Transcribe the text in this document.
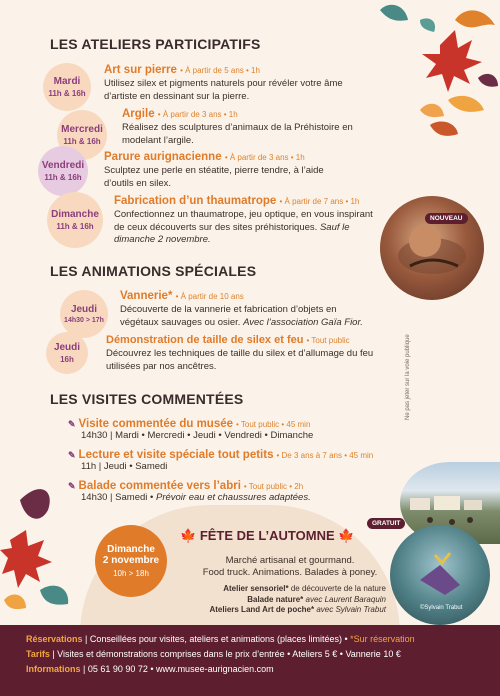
LES ATELIERS PARTICIPATIFS
Mardi
11h & 16h
Art sur pierre • À partir de 5 ans • 1h
Utilisez silex et pigments naturels pour révéler votre âme d’artiste en dessinant sur la pierre.
Mercredi
11h & 16h
Argile • À partir de 3 ans • 1h
Réalisez des sculptures d’animaux de la Préhistoire en modelant l’argile.
Vendredi
11h & 16h
Parure aurignacienne • À partir de 3 ans • 1h
Sculptez une perle en stéatite, pierre tendre, à l’aide d’outils en silex.
Dimanche
11h & 16h
Fabrication d’un thaumatrope • À partir de 7 ans • 1h
Confectionnez un thaumatrope, jeu optique, en vous inspirant de ceux découverts sur des sites préhistoriques. Sauf le dimanche 2 novembre.
NOUVEAU
LES ANIMATIONS SPÉCIALES
Jeudi
14h30 > 17h
Vannerie* • À partir de 10 ans
Découverte de la vannerie et fabrication d’objets en végétaux sauvages ou osier. Avec l’association Gaïa Fior.
Jeudi
16h
Démonstration de taille de silex et feu • Tout public
Découvrez les techniques de taille du silex et d’allumage du feu utilisées par nos ancêtres.	Ne pas jeter sur la voie publique
LES VISITES COMMENTÉES
✎ Visite commentée du musée • Tout public • 45 min
14h30 | Mardi • Mercredi • Jeudi • Vendredi • Dimanche
✎ Lecture et visite spéciale tout petits • De 3 ans à 7 ans • 45 min
11h | Jeudi • Samedi
✎ Balade commentée vers l’abri • Tout public • 2h
14h30 | Samedi • Prévoir eau et chaussures adaptées.
Dimanche
2 novembre
10h > 18h
🍁 FÊTE DE L’AUTOMNE 🍁
Marché artisanal et gourmand.
Food truck. Animations. Balades à poney.
Atelier sensoriel* de découverte de la nature
Balade nature* avec Laurent Baraquin
Ateliers Land Art de poche* avec Sylvain Trabut	©Sylvain Trabut
GRATUIT
Réservations | Conseillées pour visites, ateliers et animations (places limitées) • *Sur réservation
Tarifs | Visites et démonstrations comprises dans le prix d’entrée • Ateliers 5 € • Vannerie 10 €
Informations | 05 61 90 90 72 • www.musee-aurignacien.com
